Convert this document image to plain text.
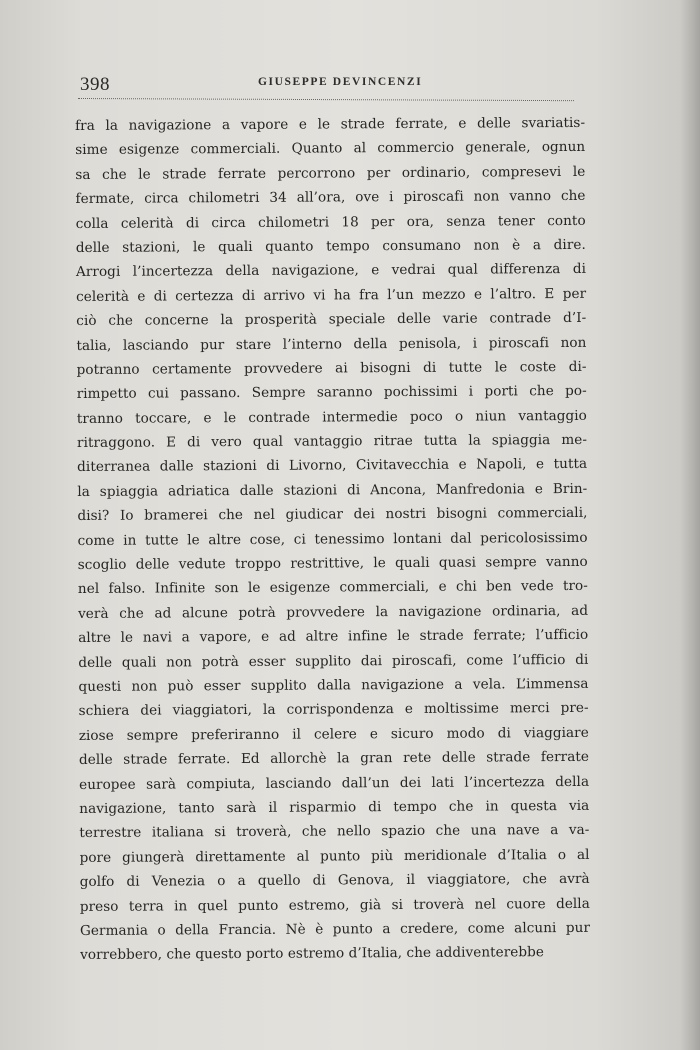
398	GIUSEPPE DEVINCENZI
fra la navigazione a vapore e le strade ferrate, e delle svariatis-
sime esigenze commerciali. Quanto al commercio generale, ognun
sa che le strade ferrate percorrono per ordinario, compresevi le
fermate, circa chilometri 34 all’ora, ove i piroscafi non vanno che
colla celerità di circa chilometri 18 per ora, senza tener conto
delle stazioni, le quali quanto tempo consumano non è a dire.
Arrogi l’incertezza della navigazione, e vedrai qual differenza di
celerità e di certezza di arrivo vi ha fra l’un mezzo e l’altro. E per
ciò che concerne la prosperità speciale delle varie contrade d’I-
talia, lasciando pur stare l’interno della penisola, i piroscafi non
potranno certamente provvedere ai bisogni di tutte le coste di-
rimpetto cui passano. Sempre saranno pochissimi i porti che po-
tranno toccare, e le contrade intermedie poco o niun vantaggio
ritraggono. E di vero qual vantaggio ritrae tutta la spiaggia me-
diterranea dalle stazioni di Livorno, Civitavecchia e Napoli, e tutta
la spiaggia adriatica dalle stazioni di Ancona, Manfredonia e Brin-
disi? Io bramerei che nel giudicar dei nostri bisogni commerciali,
come in tutte le altre cose, ci tenessimo lontani dal pericolosissimo
scoglio delle vedute troppo restrittive, le quali quasi sempre vanno
nel falso. Infinite son le esigenze commerciali, e chi ben vede tro-
verà che ad alcune potrà provvedere la navigazione ordinaria, ad
altre le navi a vapore, e ad altre infine le strade ferrate; l’ufficio
delle quali non potrà esser supplito dai piroscafi, come l’ufficio di
questi non può esser supplito dalla navigazione a vela. L’immensa
schiera dei viaggiatori, la corrispondenza e moltissime merci pre-
ziose sempre preferiranno il celere e sicuro modo di viaggiare
delle strade ferrate. Ed allorchè la gran rete delle strade ferrate
europee sarà compiuta, lasciando dall’un dei lati l’incertezza della
navigazione, tanto sarà il risparmio di tempo che in questa via
terrestre italiana si troverà, che nello spazio che una nave a va-
pore giungerà direttamente al punto più meridionale d’Italia o al
golfo di Venezia o a quello di Genova, il viaggiatore, che avrà
preso terra in quel punto estremo, già si troverà nel cuore della
Germania o della Francia. Nè è punto a credere, come alcuni pur
vorrebbero, che questo porto estremo d’Italia, che addiventerebbe
